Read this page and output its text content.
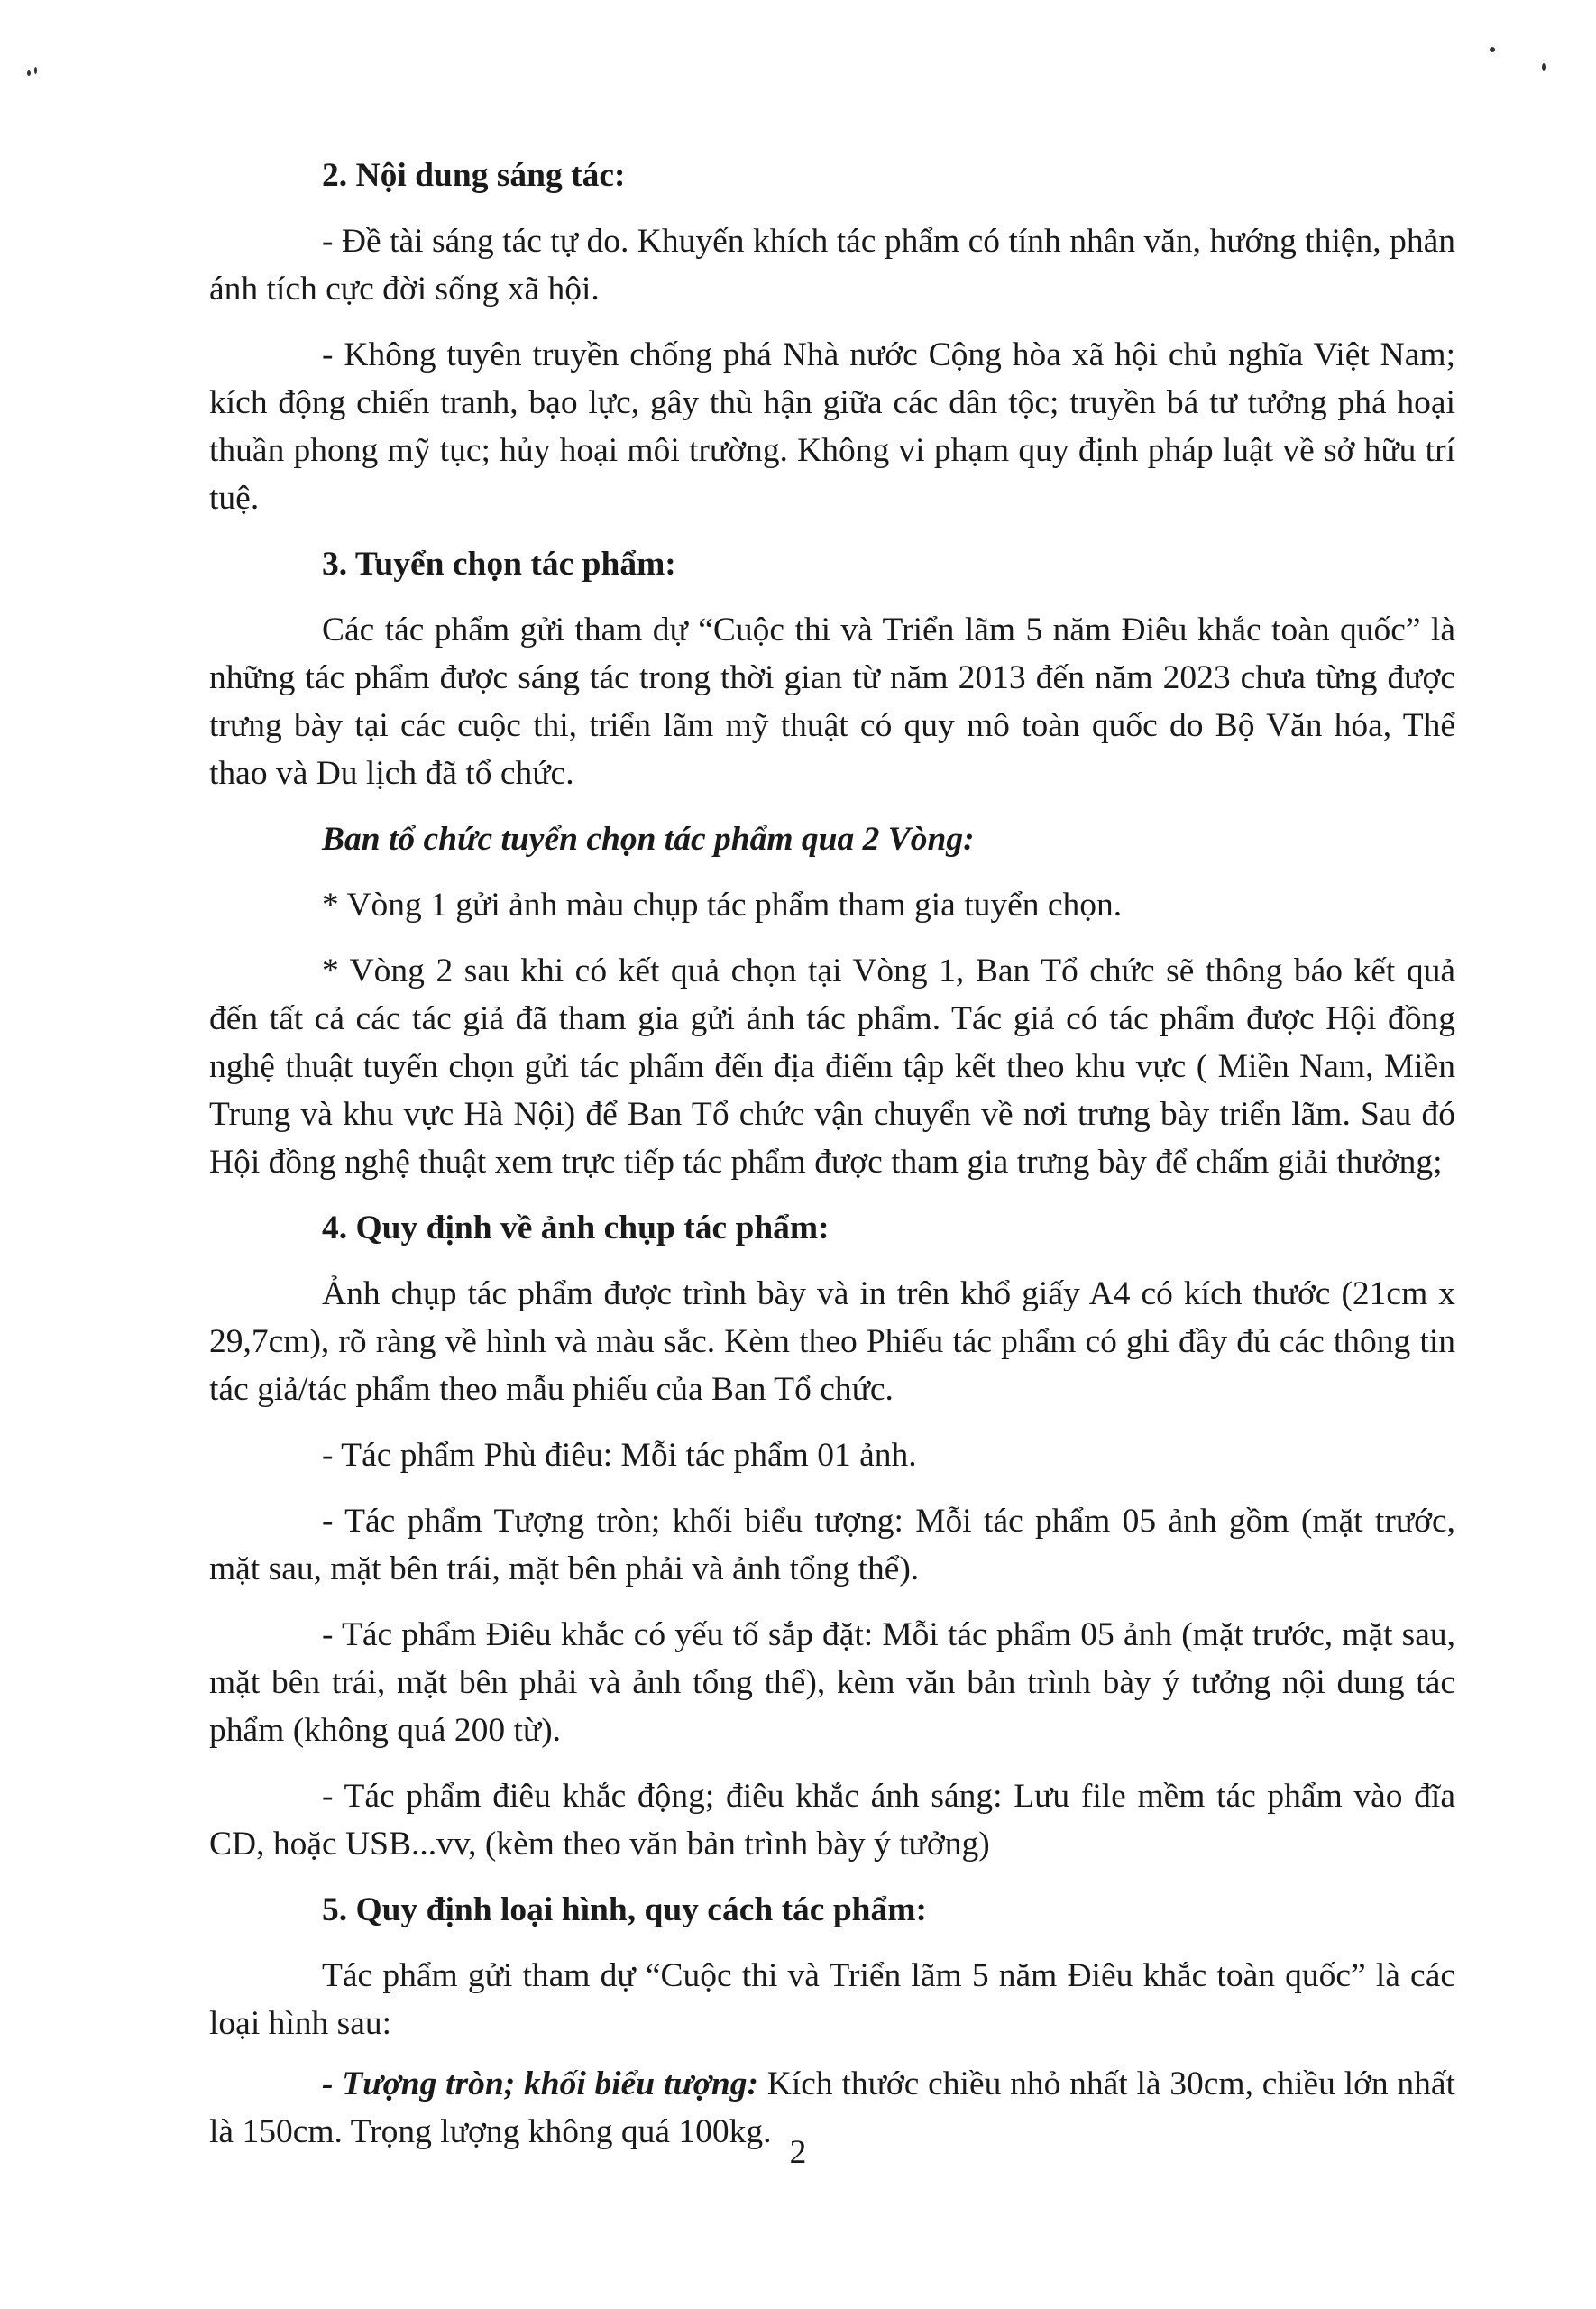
2. Nội dung sáng tác:

- Đề tài sáng tác tự do. Khuyến khích tác phẩm có tính nhân văn, hướng thiện, phản ánh tích cực đời sống xã hội.

- Không tuyên truyền chống phá Nhà nước Cộng hòa xã hội chủ nghĩa Việt Nam; kích động chiến tranh, bạo lực, gây thù hận giữa các dân tộc; truyền bá tư tưởng phá hoại thuần phong mỹ tục; hủy hoại môi trường. Không vi phạm quy định pháp luật về sở hữu trí tuệ.

3. Tuyển chọn tác phẩm:

Các tác phẩm gửi tham dự “Cuộc thi và Triển lãm 5 năm Điêu khắc toàn quốc” là những tác phẩm được sáng tác trong thời gian từ năm 2013 đến năm 2023 chưa từng được trưng bày tại các cuộc thi, triển lãm mỹ thuật có quy mô toàn quốc do Bộ Văn hóa, Thể thao và Du lịch đã tổ chức.

Ban tổ chức tuyển chọn tác phẩm qua 2 Vòng:

* Vòng 1 gửi ảnh màu chụp tác phẩm tham gia tuyển chọn.

* Vòng 2 sau khi có kết quả chọn tại Vòng 1, Ban Tổ chức sẽ thông báo kết quả đến tất cả các tác giả đã tham gia gửi ảnh tác phẩm. Tác giả có tác phẩm được Hội đồng nghệ thuật tuyển chọn gửi tác phẩm đến địa điểm tập kết theo khu vực ( Miền Nam, Miền Trung và khu vực Hà Nội) để Ban Tổ chức vận chuyển về nơi trưng bày triển lãm. Sau đó Hội đồng nghệ thuật xem trực tiếp tác phẩm được tham gia trưng bày để chấm giải thưởng;

4. Quy định về ảnh chụp tác phẩm:

Ảnh chụp tác phẩm được trình bày và in trên khổ giấy A4 có kích thước (21cm x 29,7cm), rõ ràng về hình và màu sắc. Kèm theo Phiếu tác phẩm có ghi đầy đủ các thông tin tác giả/tác phẩm theo mẫu phiếu của Ban Tổ chức.

- Tác phẩm Phù điêu: Mỗi tác phẩm 01 ảnh.

- Tác phẩm Tượng tròn; khối biểu tượng: Mỗi tác phẩm 05 ảnh gồm (mặt trước, mặt sau, mặt bên trái, mặt bên phải và ảnh tổng thể).

- Tác phẩm Điêu khắc có yếu tố sắp đặt: Mỗi tác phẩm 05 ảnh (mặt trước, mặt sau, mặt bên trái, mặt bên phải và ảnh tổng thể), kèm văn bản trình bày ý tưởng nội dung tác phẩm (không quá 200 từ).

- Tác phẩm điêu khắc động; điêu khắc ánh sáng: Lưu file mềm tác phẩm vào đĩa CD, hoặc USB...vv, (kèm theo văn bản trình bày ý tưởng)

5. Quy định loại hình, quy cách tác phẩm:

Tác phẩm gửi tham dự “Cuộc thi và Triển lãm 5 năm Điêu khắc toàn quốc” là các loại hình sau:

- Tượng tròn; khối biểu tượng: Kích thước chiều nhỏ nhất là 30cm, chiều lớn nhất là 150cm. Trọng lượng không quá 100kg.

2
